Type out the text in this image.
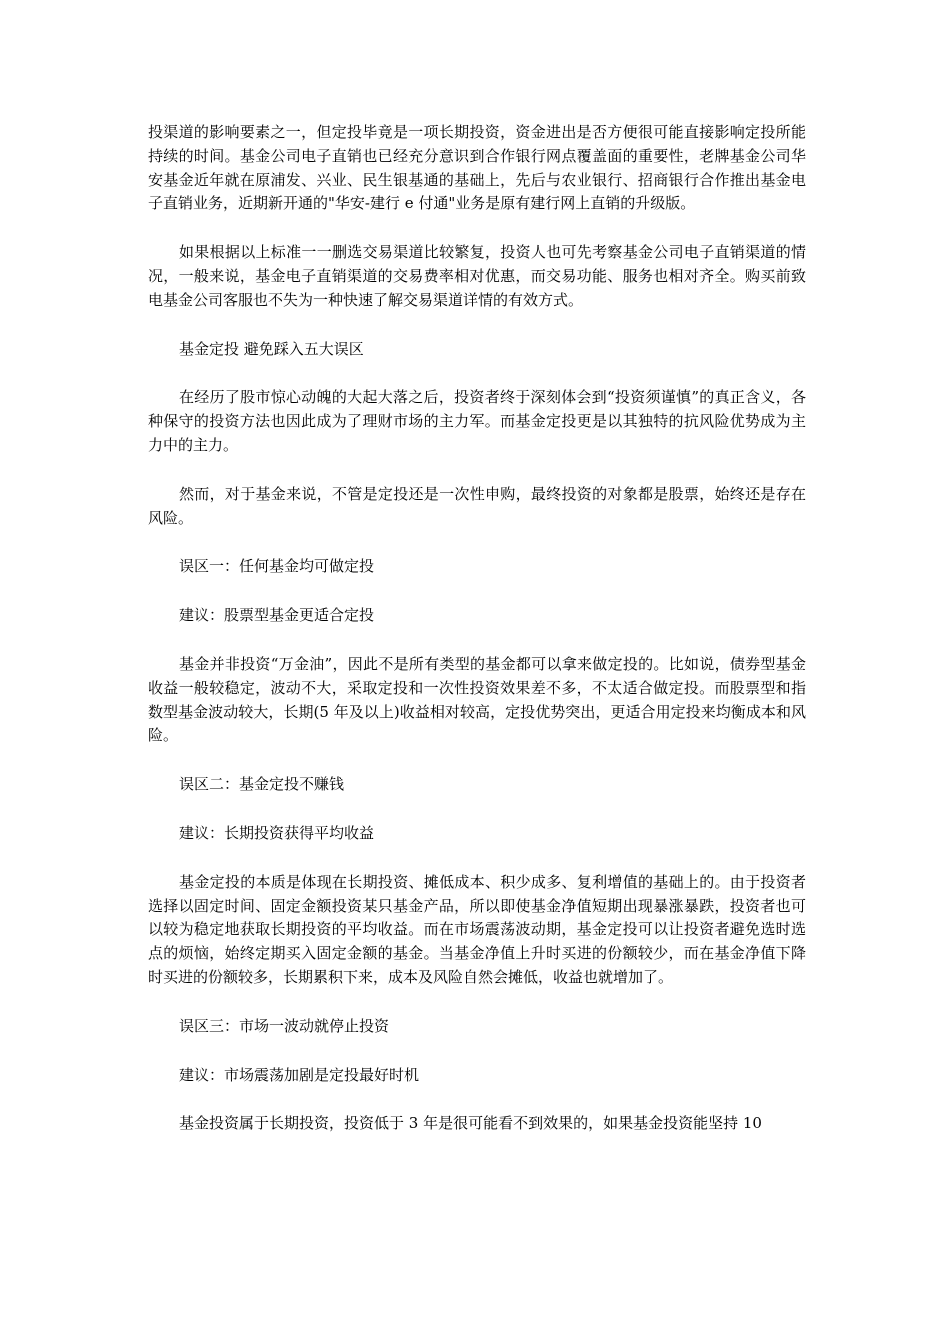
投渠道的影响要素之一，但定投毕竟是一项长期投资，资金进出是否方便很可能直接影响定投所能持续的时间。基金公司电子直销也已经充分意识到合作银行网点覆盖面的重要性，老牌基金公司华安基金近年就在原浦发、兴业、民生银基通的基础上，先后与农业银行、招商银行合作推出基金电子直销业务，近期新开通的"华安-建行 e 付通"业务是原有建行网上直销的升级版。

如果根据以上标准一一删选交易渠道比较繁复，投资人也可先考察基金公司电子直销渠道的情况，一般来说，基金电子直销渠道的交易费率相对优惠，而交易功能、服务也相对齐全。购买前致电基金公司客服也不失为一种快速了解交易渠道详情的有效方式。

基金定投 避免踩入五大误区

在经历了股市惊心动魄的大起大落之后，投资者终于深刻体会到“投资须谨慎”的真正含义，各种保守的投资方法也因此成为了理财市场的主力军。而基金定投更是以其独特的抗风险优势成为主力中的主力。

然而，对于基金来说，不管是定投还是一次性申购，最终投资的对象都是股票，始终还是存在风险。

误区一：任何基金均可做定投

建议：股票型基金更适合定投

基金并非投资“万金油”，因此不是所有类型的基金都可以拿来做定投的。比如说，债券型基金收益一般较稳定，波动不大，采取定投和一次性投资效果差不多，不太适合做定投。而股票型和指数型基金波动较大，长期(5 年及以上)收益相对较高，定投优势突出，更适合用定投来均衡成本和风险。

误区二：基金定投不赚钱

建议：长期投资获得平均收益

基金定投的本质是体现在长期投资、摊低成本、积少成多、复利增值的基础上的。由于投资者选择以固定时间、固定金额投资某只基金产品，所以即使基金净值短期出现暴涨暴跌，投资者也可以较为稳定地获取长期投资的平均收益。而在市场震荡波动期，基金定投可以让投资者避免选时选点的烦恼，始终定期买入固定金额的基金。当基金净值上升时买进的份额较少，而在基金净值下降时买进的份额较多，长期累积下来，成本及风险自然会摊低，收益也就增加了。

误区三：市场一波动就停止投资

建议：市场震荡加剧是定投最好时机

基金投资属于长期投资，投资低于 3 年是很可能看不到效果的，如果基金投资能坚持 10
